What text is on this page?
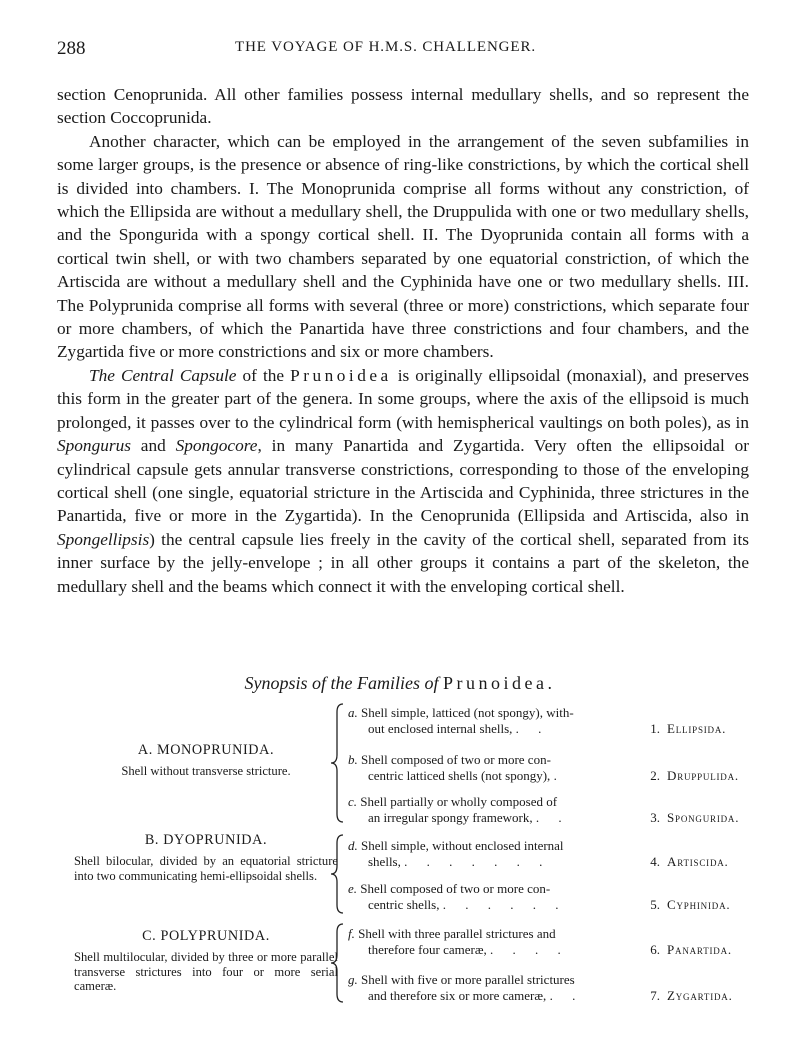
288	THE VOYAGE OF H.M.S. CHALLENGER.

section Cenoprunida. All other families possess internal medullary shells, and so represent the section Coccoprunida.

Another character, which can be employed in the arrangement of the seven subfamilies in some larger groups, is the presence or absence of ring-like constrictions, by which the cortical shell is divided into chambers. I. The Monoprunida comprise all forms without any constriction, of which the Ellipsida are without a medullary shell, the Druppulida with one or two medullary shells, and the Spongurida with a spongy cortical shell. II. The Dyoprunida contain all forms with a cortical twin shell, or with two chambers separated by one equatorial constriction, of which the Artiscida are without a medullary shell and the Cyphinida have one or two medullary shells. III. The Polyprunida comprise all forms with several (three or more) constrictions, which separate four or more chambers, of which the Panartida have three constrictions and four chambers, and the Zygartida five or more constrictions and six or more chambers.

The Central Capsule of the Prunoidea is originally ellipsoidal (monaxial), and preserves this form in the greater part of the genera. In some groups, where the axis of the ellipsoid is much prolonged, it passes over to the cylindrical form (with hemispherical vaultings on both poles), as in Spongurus and Spongocore, in many Panartida and Zygartida. Very often the ellipsoidal or cylindrical capsule gets annular transverse constrictions, corresponding to those of the enveloping cortical shell (one single, equatorial stricture in the Artiscida and Cyphinida, three strictures in the Panartida, five or more in the Zygartida). In the Cenoprunida (Ellipsida and Artiscida, also in Spongellipsis) the central capsule lies freely in the cavity of the cortical shell, separated from its inner surface by the jelly-envelope ; in all other groups it contains a part of the skeleton, the medullary shell and the beams which connect it with the enveloping cortical shell.

Synopsis of the Families of Prunoidea.
A. MONOPRUNIDA.
Shell without transverse stricture.
B. DYOPRUNIDA.
Shell bilocular, divided by an equatorial stricture into two communicating hemi-ellipsoidal shells.
C. POLYPRUNIDA.
Shell multilocular, divided by three or more parallel transverse strictures into four or more serial cameræ.
a. Shell simple, latticed (not spongy), with-
out enclosed internal shells, . .
b. Shell composed of two or more con-
centric latticed shells (not spongy), .
c. Shell partially or wholly composed of
an irregular spongy framework, . .
d. Shell simple, without enclosed internal
shells, . . . . . . .
e. Shell composed of two or more con-
centric shells, . . . . . .
f. Shell with three parallel strictures and
therefore four cameræ, . . . .
g. Shell with five or more parallel strictures
and therefore six or more cameræ, . .
1. Ellipsida.
2. Druppulida.
3. Spongurida.
4. Artiscida.
5. Cyphinida.
6. Panartida.
7. Zygartida.
